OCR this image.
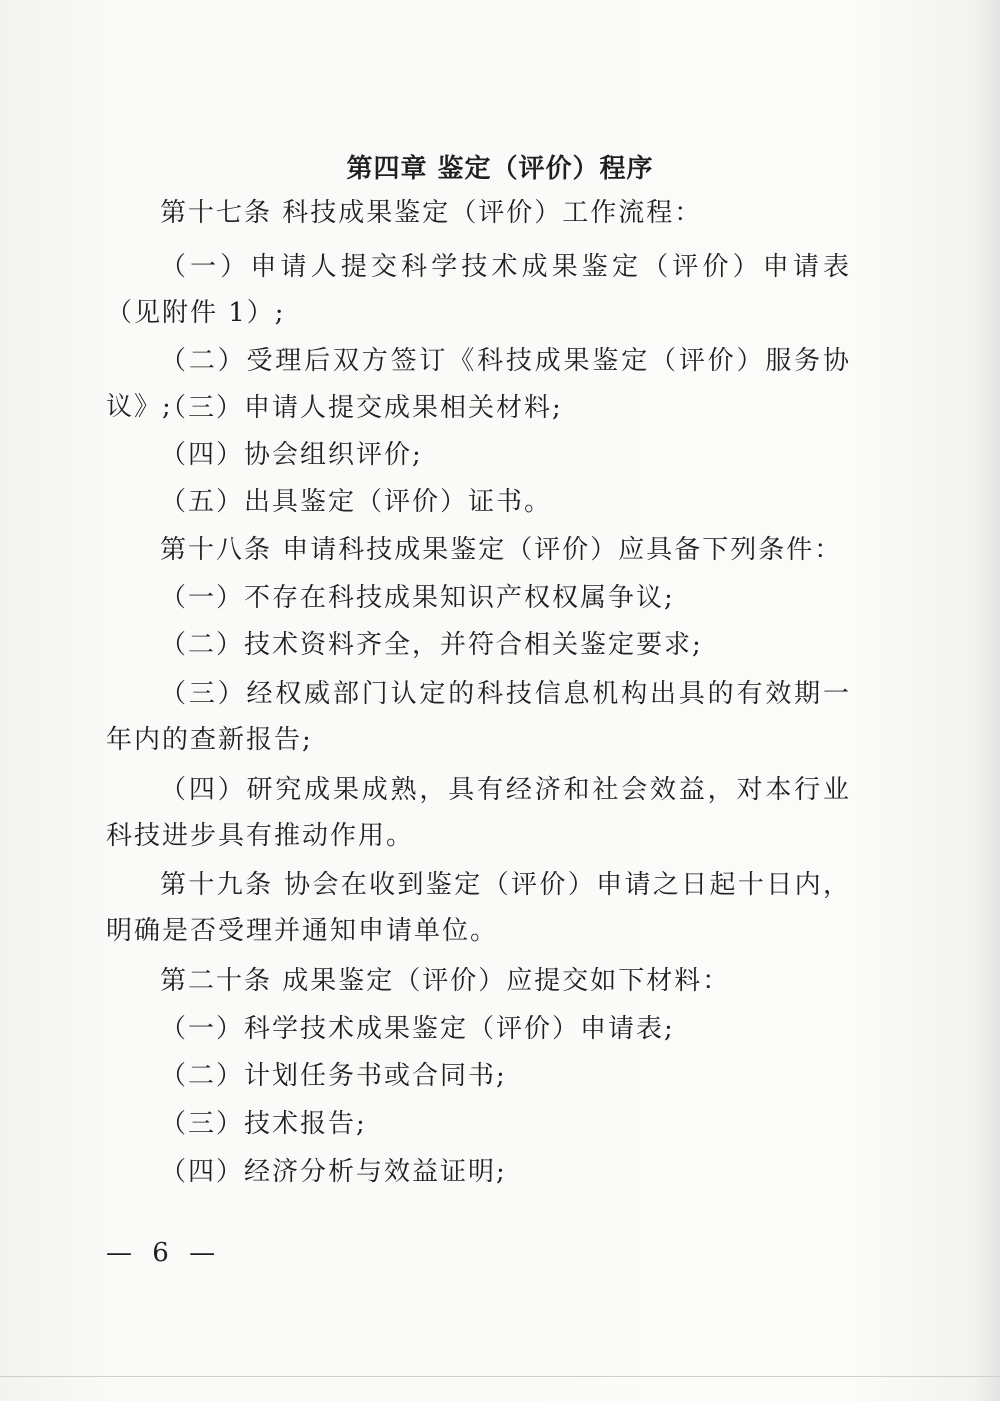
第四章 鉴定（评价）程序
第十七条 科技成果鉴定（评价）工作流程：
（一）申请人提交科学技术成果鉴定（评价）申请表（见附件 1）;
（二）受理后双方签订《科技成果鉴定（评价）服务协议》;
（三）申请人提交成果相关材料;
（四）协会组织评价;
（五）出具鉴定（评价）证书。
第十八条 申请科技成果鉴定（评价）应具备下列条件：
（一）不存在科技成果知识产权权属争议;
（二）技术资料齐全，并符合相关鉴定要求;
（三）经权威部门认定的科技信息机构出具的有效期一年内的查新报告;
（四）研究成果成熟，具有经济和社会效益，对本行业科技进步具有推动作用。
第十九条 协会在收到鉴定（评价）申请之日起十日内，明确是否受理并通知申请单位。
第二十条 成果鉴定（评价）应提交如下材料：
（一）科学技术成果鉴定（评价）申请表;
（二）计划任务书或合同书;
（三）技术报告;
（四）经济分析与效益证明;
— 6 —
